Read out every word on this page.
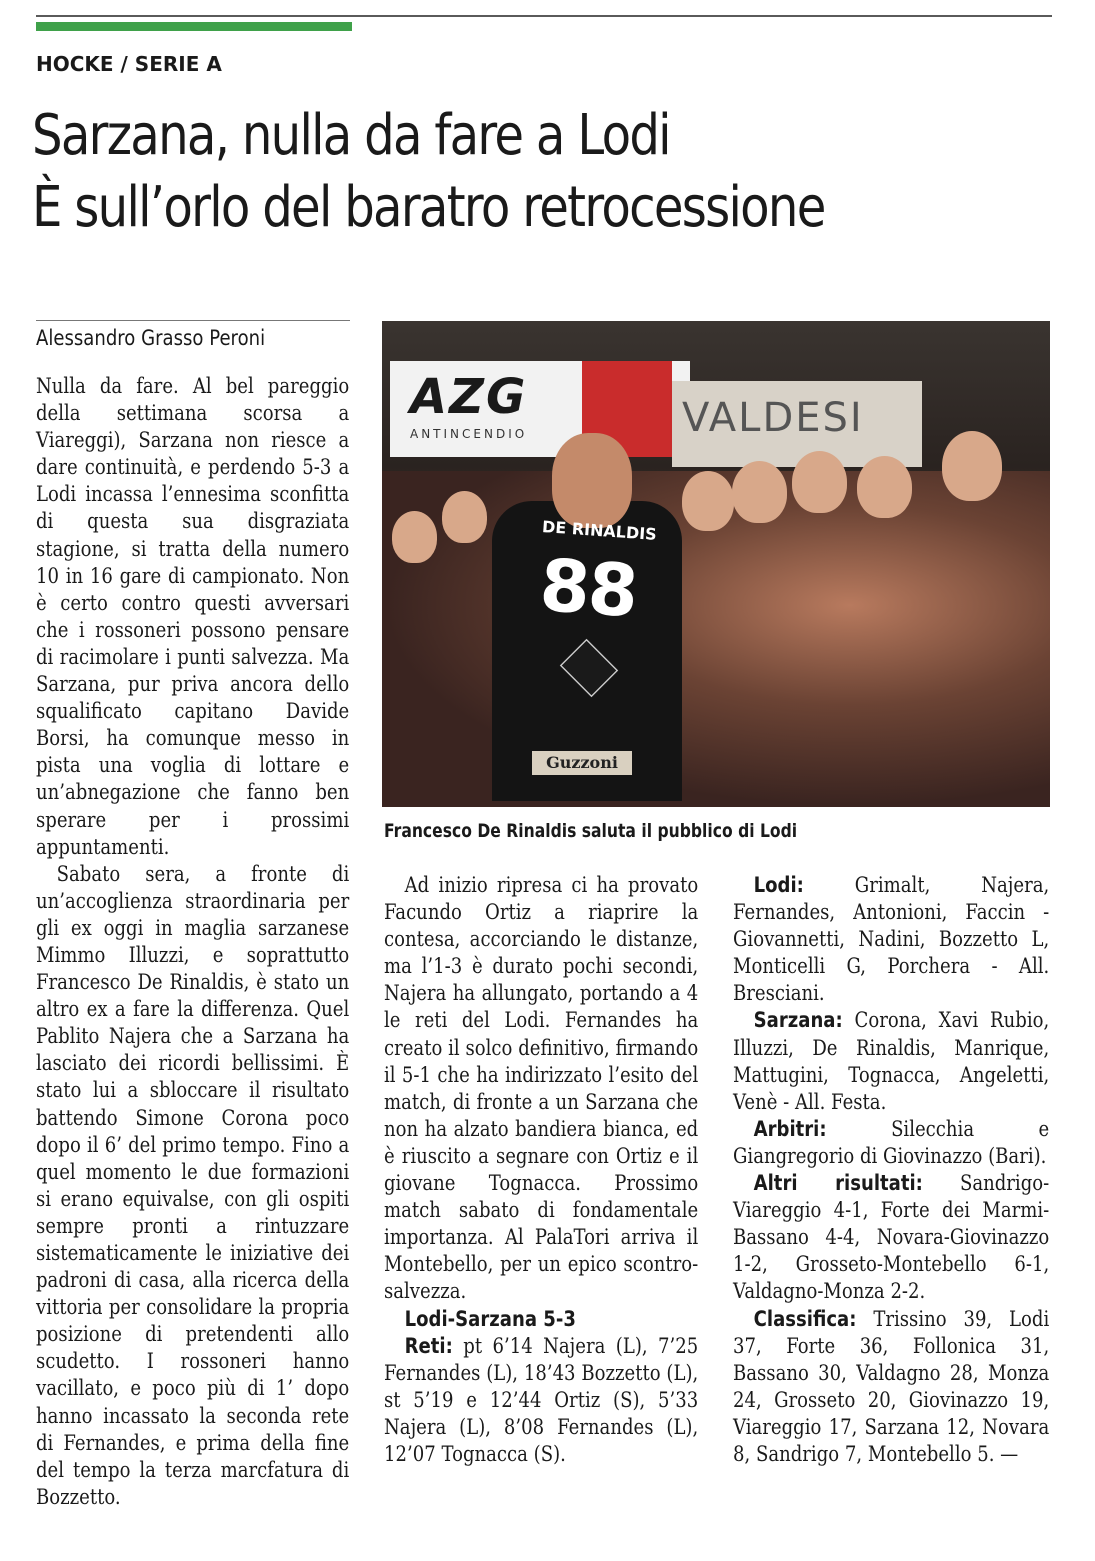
HOCKE / SERIE A
Sarzana, nulla da fare a Lodi
È sull’orlo del baratro retrocessione
Alessandro Grasso Peroni
AZG
ANTINCENDIO	VALDESI
DE RINALDIS
88
Guzzoni
Francesco De Rinaldis saluta il pubblico di Lodi

Nulla da fare. Al bel pareggio della settimana scorsa a Viareggi), Sarzana non riesce a dare continuità, e perdendo 5-3 a Lodi incassa l’ennesima sconfitta di questa sua disgraziata stagione, si tratta della numero 10 in 16 gare di campionato. Non è certo contro questi avversari che i rossoneri possono pensare di racimolare i punti salvezza. Ma Sarzana, pur priva ancora dello squalificato capitano Davide Borsi, ha comunque messo in pista una voglia di lottare e un’abnegazione che fanno ben sperare per i prossimi appuntamenti.

Sabato sera, a fronte di un’accoglienza straordinaria per gli ex oggi in maglia sarzanese Mimmo Illuzzi, e soprattutto Francesco De Rinaldis, è stato un altro ex a fare la differenza. Quel Pablito Najera che a Sarzana ha lasciato dei ricordi bellissimi. È stato lui a sbloccare il risultato battendo Simone Corona poco dopo il 6’ del primo tempo. Fino a quel momento le due formazioni si erano equivalse, con gli ospiti sempre pronti a rintuzzare sistematicamente le iniziative dei padroni di casa, alla ricerca della vittoria per consolidare la propria posizione di pretendenti allo scudetto. I rossoneri hanno vacillato, e poco più di 1’ dopo hanno incassato la seconda rete di Fernandes, e prima della fine del tempo la terza marcfatura di Bozzetto.

Ad inizio ripresa ci ha provato Facundo Ortiz a riaprire la contesa, accorciando le distanze, ma l’1-3 è durato pochi secondi, Najera ha allungato, portando a 4 le reti del Lodi. Fernandes ha creato il solco definitivo, firmando il 5-1 che ha indirizzato l’esito del match, di fronte a un Sarzana che non ha alzato bandiera bianca, ed è riuscito a segnare con Ortiz e il giovane Tognacca. Prossimo match sabato di fondamentale importanza. Al PalaTori arriva il Montebello, per un epico scontro-salvezza.

Lodi-Sarzana 5-3

Reti: pt 6’14 Najera (L), 7’25 Fernandes (L), 18’43 Bozzetto (L), st 5’19 e 12’44 Ortiz (S), 5’33 Najera (L), 8’08 Fernandes (L), 12’07 Tognacca (S).

Lodi: Grimalt, Najera, Fernandes, Antonioni, Faccin - Giovannetti, Nadini, Bozzetto L, Monticelli G, Porchera - All. Bresciani.

Sarzana: Corona, Xavi Rubio, Illuzzi, De Rinaldis, Manrique, Mattugini, Tognacca, Angeletti, Venè - All. Festa.

Arbitri:	Silecchia e Giangregorio di Giovinazzo (Bari).

Altri risultati: Sandrigo-Viareggio 4-1, Forte dei Marmi-Bassano 4-4, Novara-Giovinazzo 1-2, Grosseto-Montebello 6-1, Valdagno-Monza 2-2.

Classifica: Trissino 39, Lodi 37, Forte 36, Follonica 31, Bassano 30, Valdagno 28, Monza 24, Grosseto 20, Giovinazzo 19, Viareggio 17, Sarzana 12, Novara 8, Sandrigo 7, Montebello 5. —
